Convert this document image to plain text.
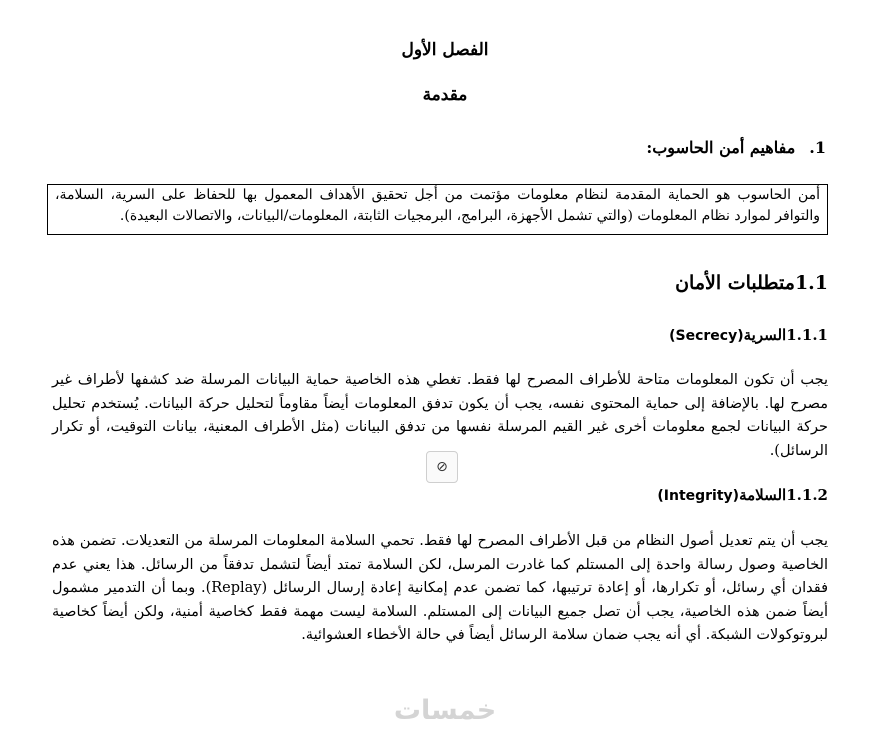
الفصل الأول
مقدمة
1.مفاهيم أمن الحاسوب:
أمن الحاسوب هو الحماية المقدمة لنظام معلومات مؤتمت من أجل تحقيق الأهداف المعمول بها للحفاظ على السرية، السلامة، والتوافر لموارد نظام المعلومات (والتي تشمل الأجهزة، البرامج، البرمجيات الثابتة، المعلومات/البيانات، والاتصالات البعيدة).
1.1متطلبات الأمان
1.1.1السرية(Secrecy)
يجب أن تكون المعلومات متاحة للأطراف المصرح لها فقط. تغطي هذه الخاصية حماية البيانات المرسلة ضد كشفها لأطراف غير مصرح لها. بالإضافة إلى حماية المحتوى نفسه، يجب أن يكون تدفق المعلومات أيضاً مقاوماً لتحليل حركة البيانات. يُستخدم تحليل حركة البيانات لجمع معلومات أخرى غير القيم المرسلة نفسها من تدفق البيانات (مثل الأطراف المعنية، بيانات التوقيت، أو تكرار الرسائل).
⊘
1.1.2السلامة(Integrity)
يجب أن يتم تعديل أصول النظام من قبل الأطراف المصرح لها فقط. تحمي السلامة المعلومات المرسلة من التعديلات. تضمن هذه الخاصية وصول رسالة واحدة إلى المستلم كما غادرت المرسل، لكن السلامة تمتد أيضاً لتشمل تدفقاً من الرسائل. هذا يعني عدم فقدان أي رسائل، أو تكرارها، أو إعادة ترتيبها، كما تضمن عدم إمكانية إعادة إرسال الرسائل (Replay). وبما أن التدمير مشمول أيضاً ضمن هذه الخاصية، يجب أن تصل جميع البيانات إلى المستلم. السلامة ليست مهمة فقط كخاصية أمنية، ولكن أيضاً كخاصية لبروتوكولات الشبكة. أي أنه يجب ضمان سلامة الرسائل أيضاً في حالة الأخطاء العشوائية.
خمسات
